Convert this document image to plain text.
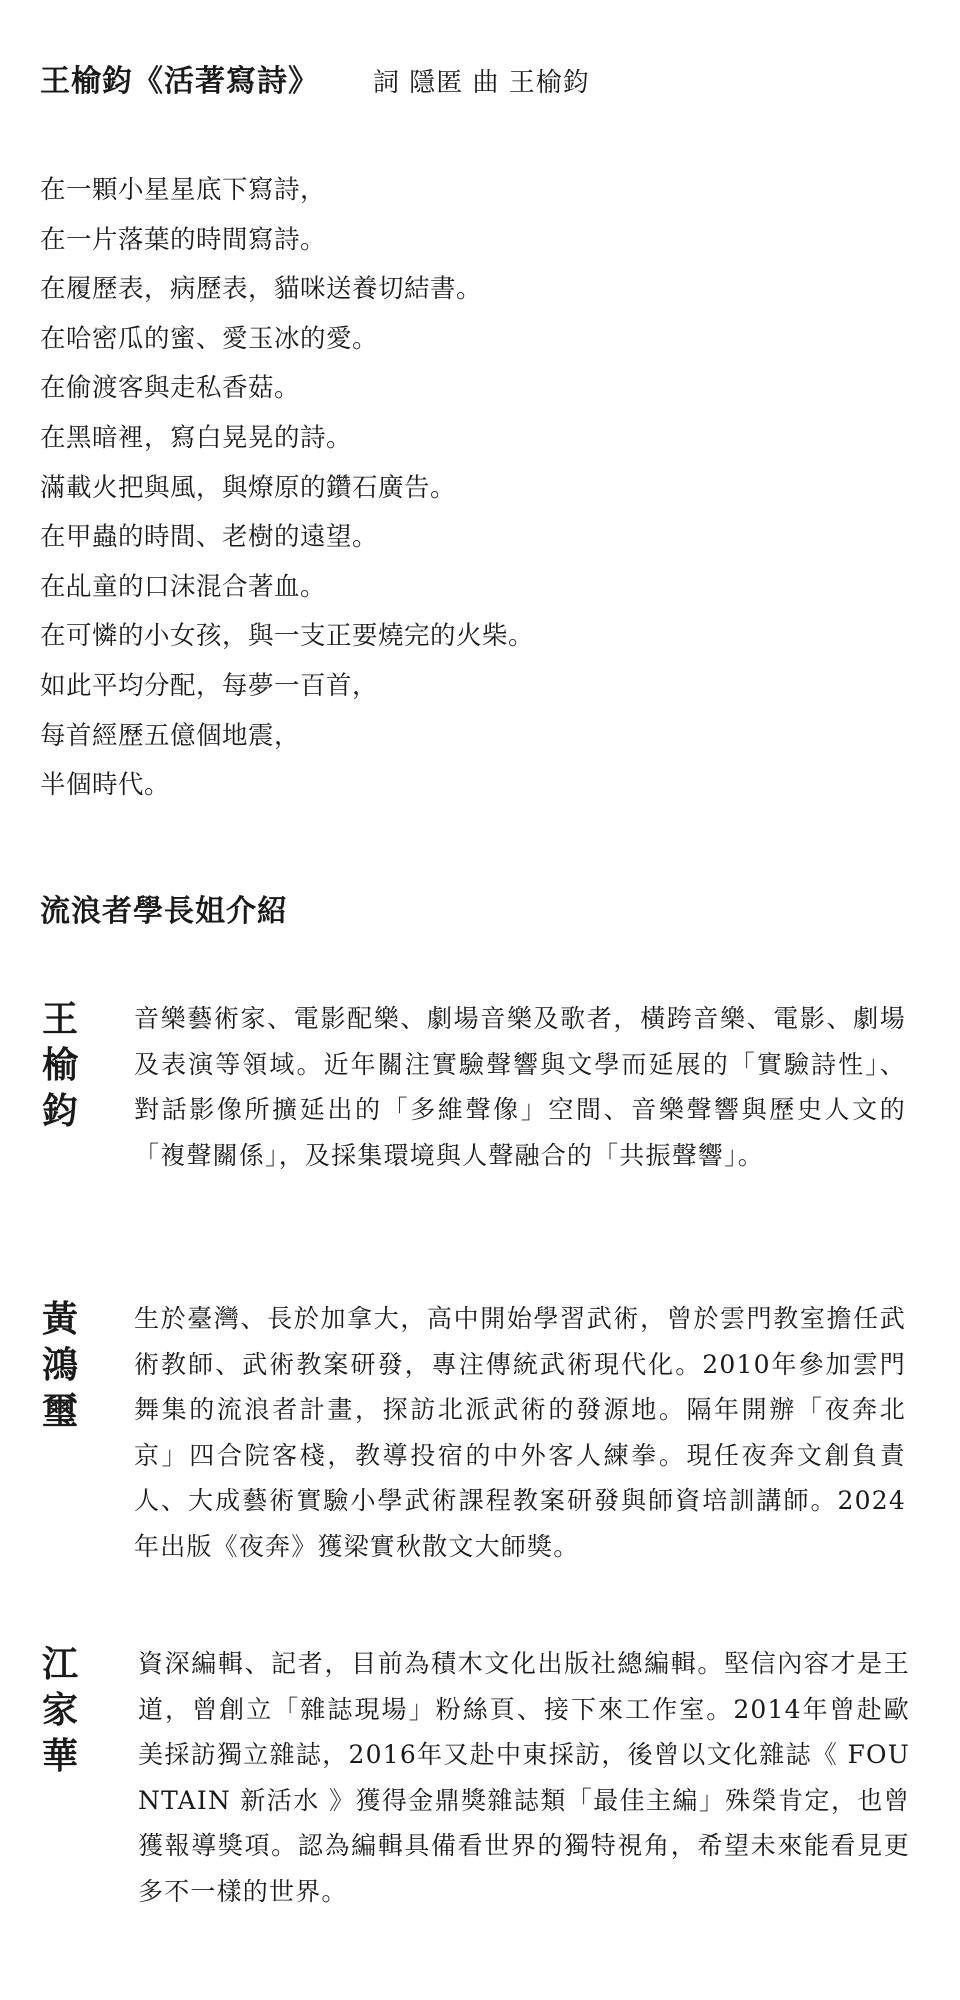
王榆鈞《活著寫詩》 詞 隱匿 曲 王榆鈞
在一顆小星星底下寫詩，
在一片落葉的時間寫詩。
在履歷表，病歷表，貓咪送養切結書。
在哈密瓜的蜜、愛玉冰的愛。
在偷渡客與走私香菇。
在黑暗裡，寫白晃晃的詩。
滿載火把與風，與燎原的鑽石廣告。
在甲蟲的時間、老樹的遠望。
在乩童的口沫混合著血。
在可憐的小女孩，與一支正要燒完的火柴。
如此平均分配，每夢一百首，
每首經歷五億個地震，
半個時代。
流浪者學長姐介紹
王
榆
鈞
音樂藝術家、電影配樂、劇場音樂及歌者，橫跨音樂、電影、劇場及表演等領域。近年關注實驗聲響與文學而延展的「實驗詩性」、對話影像所擴延出的「多維聲像」空間、音樂聲響與歷史人文的「複聲關係」，及採集環境與人聲融合的「共振聲響」。
黃
鴻
璽
生於臺灣、長於加拿大，高中開始學習武術，曾於雲門教室擔任武術教師、武術教案研發，專注傳統武術現代化。2010年參加雲門舞集的流浪者計畫，探訪北派武術的發源地。隔年開辦「夜奔北京」四合院客棧，教導投宿的中外客人練拳。現任夜奔文創負責人、大成藝術實驗小學武術課程教案研發與師資培訓講師。2024年出版《夜奔》獲梁實秋散文大師獎。
江
家
華
資深編輯、記者，目前為積木文化出版社總編輯。堅信內容才是王道，曾創立「雜誌現場」粉絲頁、接下來工作室。2014年曾赴歐美採訪獨立雜誌，2016年又赴中東採訪，後曾以文化雜誌《 FOUNTAIN 新活水 》獲得金鼎獎雜誌類「最佳主編」殊榮肯定，也曾獲報導獎項。認為編輯具備看世界的獨特視角，希望未來能看見更多不一樣的世界。
